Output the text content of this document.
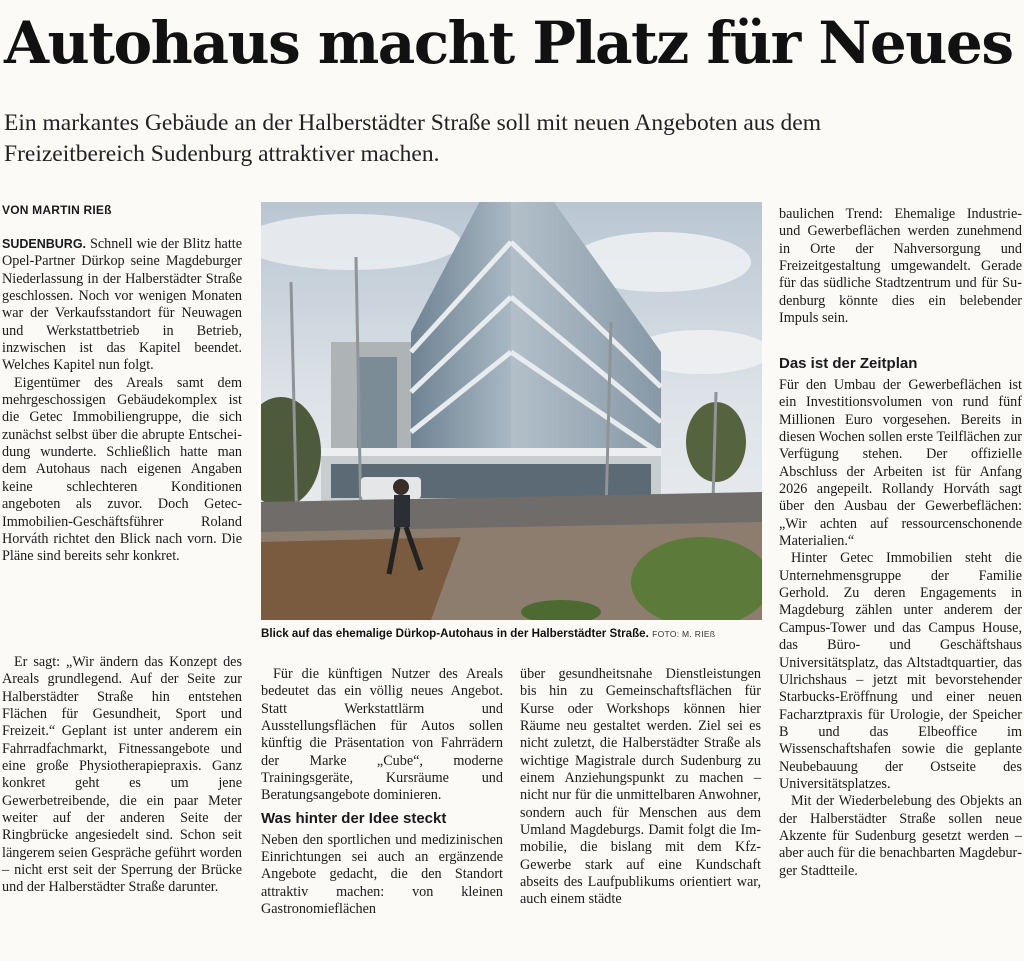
Autohaus macht Platz für Neues
Ein markantes Gebäude an der Halberstädter Straße soll mit neuen Angeboten aus dem Freizeitbereich Sudenburg attraktiver machen.
VON MARTIN RIEß

SUDENBURG. Schnell wie der Blitz hatte Opel-Partner Dürkop seine Magdeburger Niederlassung in der Halberstädter Straße geschlossen. Noch vor wenigen Monaten war der Verkaufsstandort für Neuwagen und Werkstattbetrieb in Betrieb, inzwischen ist das Kapitel beendet. Welches Kapitel nun folgt.

Eigentümer des Areals samt dem mehrgeschossigen Gebäudekomplex ist die Getec Immobiliengruppe, die sich zunächst selbst über die abrupte Entscheidung wunderte. Schließlich hatte man dem Autohaus nach eigenen Angaben keine schlechteren Konditionen angeboten als zuvor. Doch Getec-Immobilien-Geschäftsführer Roland Horváth richtet den Blick nach vorn. Die Pläne sind bereits sehr konkret.

Er sagt: „Wir ändern das Konzept des Areals grundlegend. Auf der Seite zur Halberstädter Straße hin entstehen Flächen für Gesundheit, Sport und Freizeit.“ Geplant ist unter anderem ein Fahrradfachmarkt, Fitnessangebote und eine große Physiotherapiepraxis. Ganz konkret geht es um jene Gewerbetreibende, die ein paar Meter weiter auf der anderen Seite der Ringbrücke angesiedelt sind. Schon seit längerem seien Gespräche geführt worden – nicht erst seit der Sperrung der Brücke und der Halberstädter Straße darunter.

Blick auf das ehemalige Dürkop-Autohaus in der Halberstädter Straße. FOTO: M. RIEß

Für die künftigen Nutzer des Areals bedeutet das ein völlig neues Angebot. Statt Werkstattlärm und Ausstellungsflächen für Autos sollen künftig die Präsentation von Fahrrädern der Marke „Cube“, moderne Trainingsgeräte, Kursräume und Beratungsangebote dominieren.

Was hinter der Idee steckt

Neben den sportlichen und medizinischen Einrichtungen sei auch an ergänzende Angebote gedacht, die den Standort attraktiv machen: von kleinen Gastronomieflächen

über gesundheitsnahe Dienstleistungen bis hin zu Gemeinschaftsflächen für Kurse oder Workshops können hier Räume neu gestaltet werden. Ziel sei es nicht zuletzt, die Halberstädter Straße als wichtige Magistrale durch Sudenburg zu einem Anziehungspunkt zu machen – nicht nur für die unmittelbaren Anwohner, sondern auch für Menschen aus dem Umland Magdeburgs. Damit folgt die Immobilie, die bislang mit dem Kfz-Gewerbe stark auf eine Kundschaft abseits des Laufpublikums orientiert war, auch einem städte

baulichen Trend: Ehemalige Industrie- und Gewerbeflächen werden zunehmend in Orte der Nahversorgung und Freizeitgestaltung umgewandelt. Gerade für das südliche Stadtzentrum und für Sudenburg könnte dies ein belebender Impuls sein.

Das ist der Zeitplan

Für den Umbau der Gewerbeflächen ist ein Investitionsvolumen von rund fünf Millionen Euro vorgesehen. Bereits in diesen Wochen sollen erste Teilflächen zur Verfügung stehen. Der offizielle Abschluss der Arbeiten ist für Anfang 2026 angepeilt. Rollandy Horváth sagt über den Ausbau der Gewerbeflächen: „Wir achten auf ressourcenschonende Materialien.“

Hinter Getec Immobilien steht die Unternehmensgruppe der Familie Gerhold. Zu deren Engagements in Magdeburg zählen unter anderem der Campus-Tower und das Campus House, das Büro- und Geschäftshaus Universitätsplatz, das Altstadtquartier, das Ulrichshaus – jetzt mit bevorstehender Starbucks-Eröffnung und einer neuen Facharztpraxis für Urologie, der Speicher B und das Elbeoffice im Wissenschaftshafen sowie die geplante Neubebauung der Ostseite des Universitätsplatzes.

Mit der Wiederbelebung des Objekts an der Halberstädter Straße sollen neue Akzente für Sudenburg gesetzt werden – aber auch für die benachbarten Magdeburger Stadtteile.
